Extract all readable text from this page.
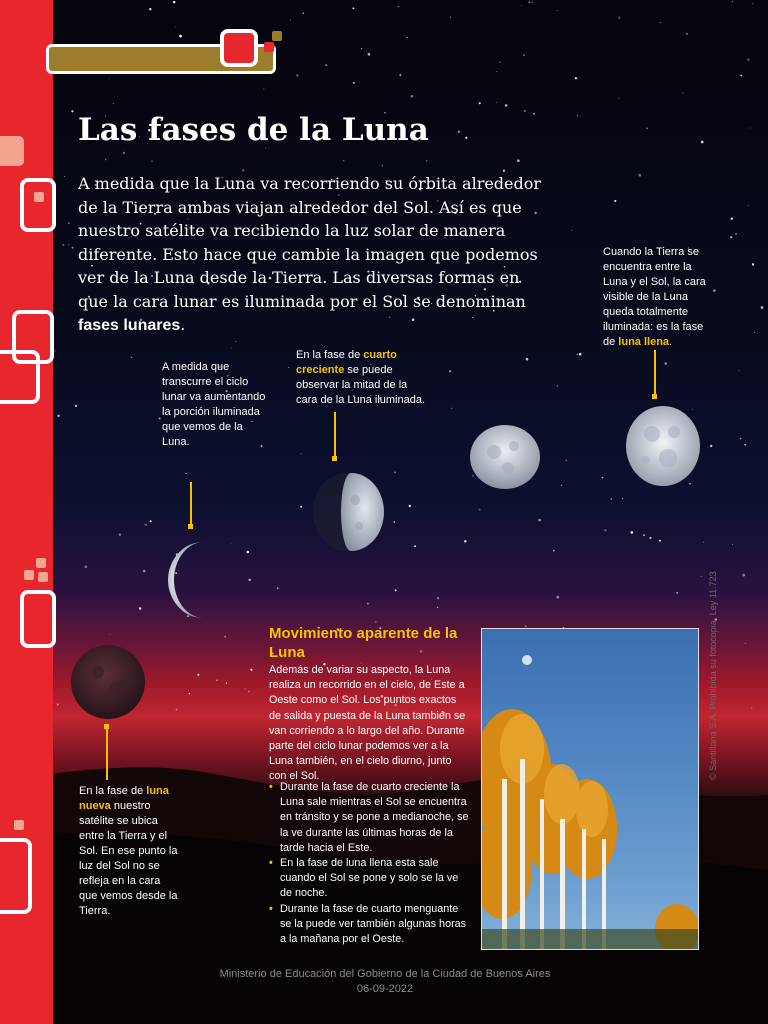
Las fases de la Luna

A medida que la Luna va recorriendo su órbita alrededor de la Tierra ambas viajan alrededor del Sol. Así es que nuestro satélite va recibiendo la luz solar de manera diferente. Esto hace que cambie la imagen que podemos ver de la Luna desde la Tierra. Las diversas formas en que la cara lunar es iluminada por el Sol se denominan fases lunares.

A medida que transcurre el ciclo lunar va aumentando la porción iluminada que vemos de la Luna.

En la fase de cuarto creciente se puede observar la mitad de la cara de la Luna iluminada.

Cuando la Tierra se encuentra entre la Luna y el Sol, la cara visible de la Luna queda totalmente iluminada: es la fase de luna llena.

En la fase de luna nueva nuestro satélite se ubica entre la Tierra y el Sol. En ese punto la luz del Sol no se refleja en la cara que vemos desde la Tierra.

Movimiento aparente de la Luna

Además de variar su aspecto, la Luna realiza un recorrido en el cielo, de Este a Oeste como el Sol. Los puntos exactos de salida y puesta de la Luna también se van corriendo a lo largo del año. Durante parte del ciclo lunar podemos ver a la Luna también, en el cielo diurno, junto con el Sol.

• Durante la fase de cuarto creciente la Luna sale mientras el Sol se encuentra en tránsito y se pone a medianoche, se la ve durante las últimas horas de la tarde hacia el Este.
• En la fase de luna llena esta sale cuando el Sol se pone y solo se la ve de noche.
• Durante la fase de cuarto menguante se la puede ver también algunas horas a la mañana por el Oeste.
© Santillana S.A. Prohibida su fotocopia. Ley 11.723

Ministerio de Educación del Gobierno de la Ciudad de Buenos Aires
06-09-2022
